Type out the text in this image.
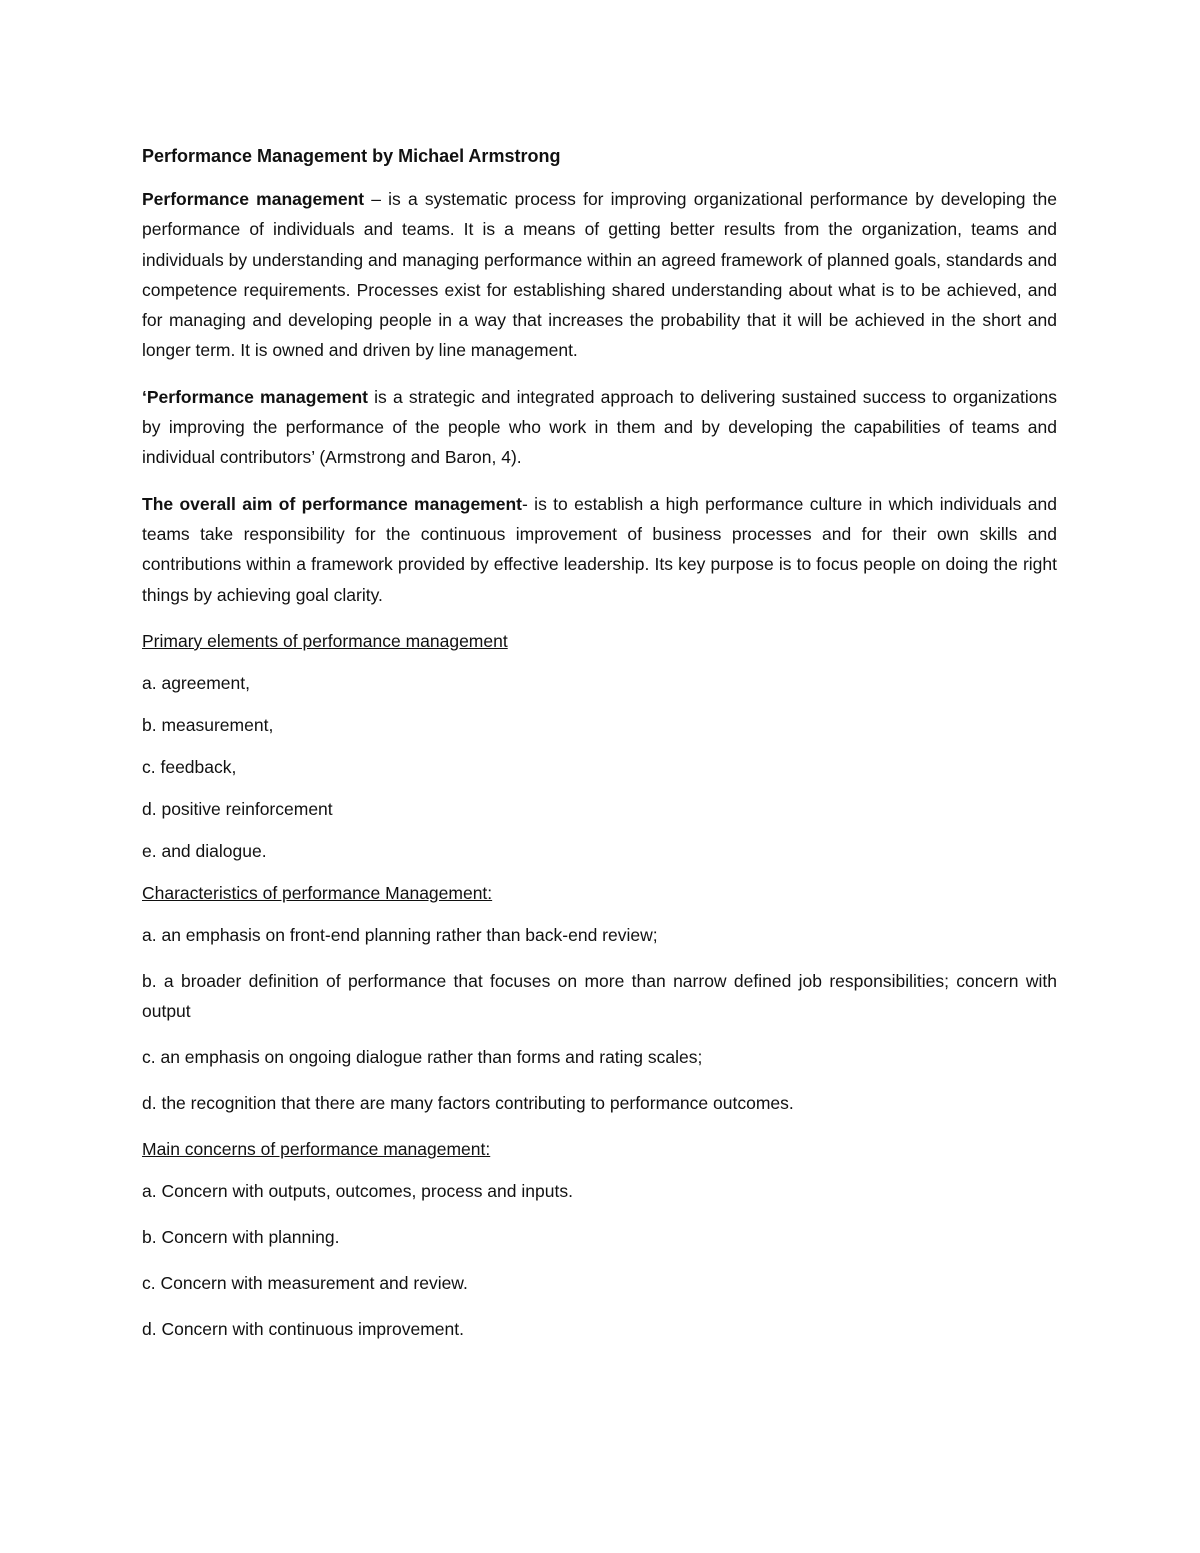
Performance Management by Michael Armstrong

Performance management – is a systematic process for improving organizational performance by developing the performance of individuals and teams. It is a means of getting better results from the organization, teams and individuals by understanding and managing performance within an agreed framework of planned goals, standards and competence requirements. Processes exist for establishing shared understanding about what is to be achieved, and for managing and developing people in a way that increases the probability that it will be achieved in the short and longer term. It is owned and driven by line management.

‘Performance management is a strategic and integrated approach to delivering sustained success to organizations by improving the performance of the people who work in them and by developing the capabilities of teams and individual contributors’ (Armstrong and Baron, 4).

The overall aim of performance management- is to establish a high performance culture in which individuals and teams take responsibility for the continuous improvement of business processes and for their own skills and contributions within a framework provided by effective leadership. Its key purpose is to focus people on doing the right things by achieving goal clarity.

Primary elements of performance management
a. agreement,
b. measurement,
c. feedback,
d. positive reinforcement
e. and dialogue.
Characteristics of performance Management:
a. an emphasis on front-end planning rather than back-end review;
b. a broader definition of performance that focuses on more than narrow defined job responsibilities; concern with output
c. an emphasis on ongoing dialogue rather than forms and rating scales;
d. the recognition that there are many factors contributing to performance outcomes.
Main concerns of performance management:
a. Concern with outputs, outcomes, process and inputs.
b. Concern with planning.
c. Concern with measurement and review.
d. Concern with continuous improvement.
